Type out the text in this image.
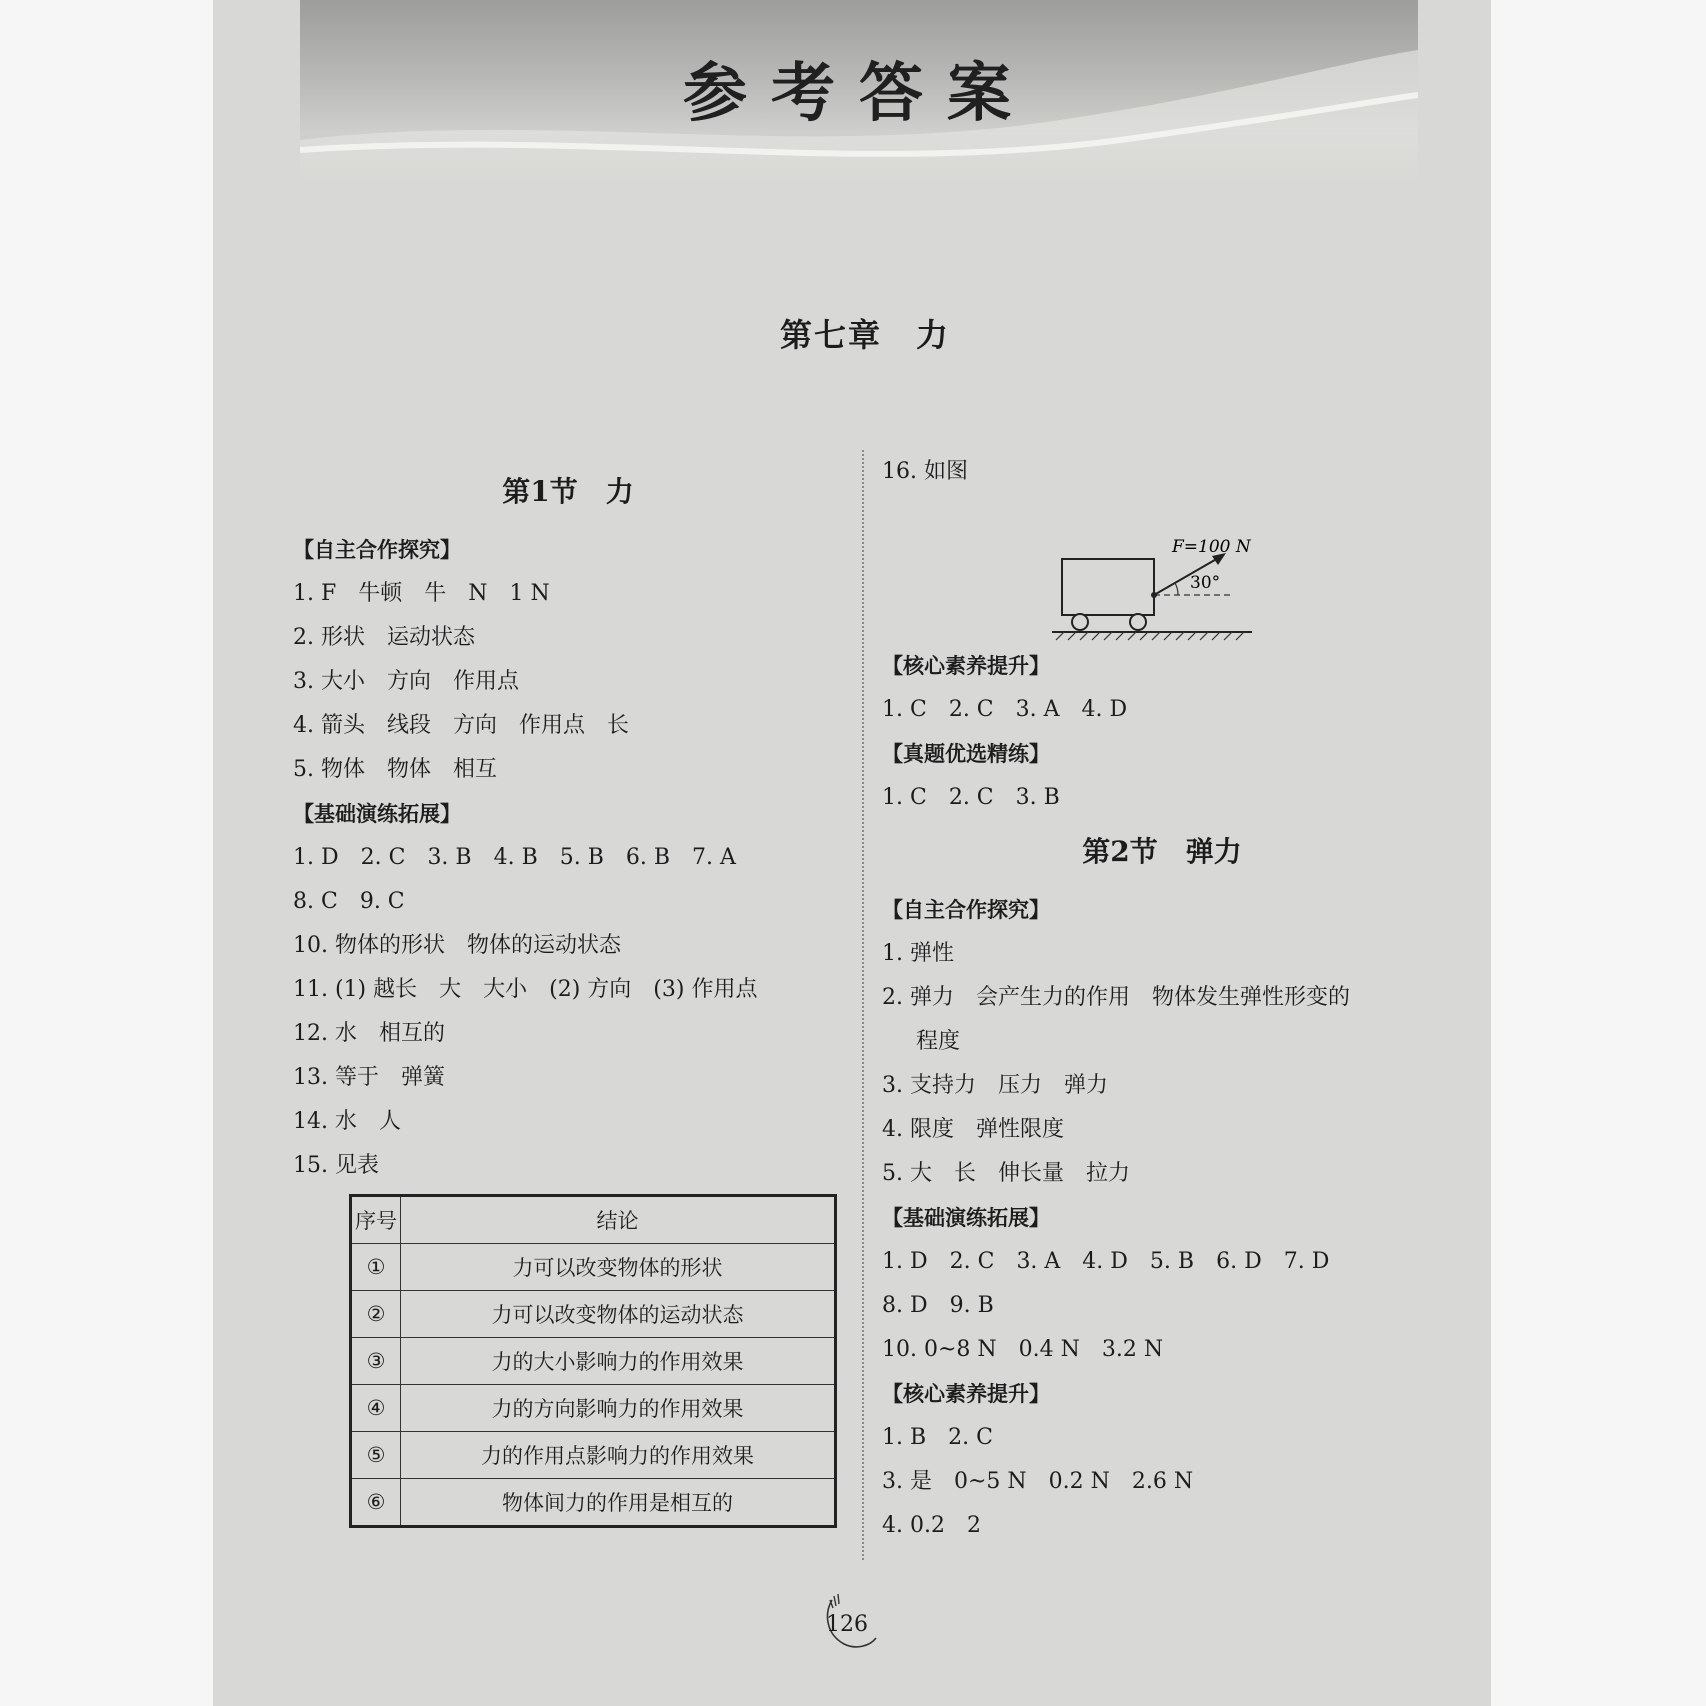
参考答案
第七章　力
第1节　力
【自主合作探究】
1. F　牛顿　牛　N　1 N
2. 形状　运动状态
3. 大小　方向　作用点
4. 箭头　线段　方向　作用点　长
5. 物体　物体　相互
【基础演练拓展】
1. D　2. C　3. B　4. B　5. B　6. B　7. A
8. C　9. C
10. 物体的形状　物体的运动状态
11. (1) 越长　大　大小　(2) 方向　(3) 作用点
12. 水　相互的
13. 等于　弹簧
14. 水　人
15. 见表
序号	结论
①	力可以改变物体的形状
②	力可以改变物体的运动状态
③	力的大小影响力的作用效果
④	力的方向影响力的作用效果
⑤	力的作用点影响力的作用效果
⑥	物体间力的作用是相互的
16. 如图
F=100 N
30°
【核心素养提升】
1. C　2. C　3. A　4. D
【真题优选精练】
1. C　2. C　3. B
第2节　弹力
【自主合作探究】
1. 弹性
2. 弹力　会产生力的作用　物体发生弹性形变的
程度
3. 支持力　压力　弹力
4. 限度　弹性限度
5. 大　长　伸长量　拉力
【基础演练拓展】
1. D　2. C　3. A　4. D　5. B　6. D　7. D
8. D　9. B
10. 0~8 N　0.4 N　3.2 N
【核心素养提升】
1. B　2. C
3. 是　0~5 N　0.2 N　2.6 N
4. 0.2　2
126
